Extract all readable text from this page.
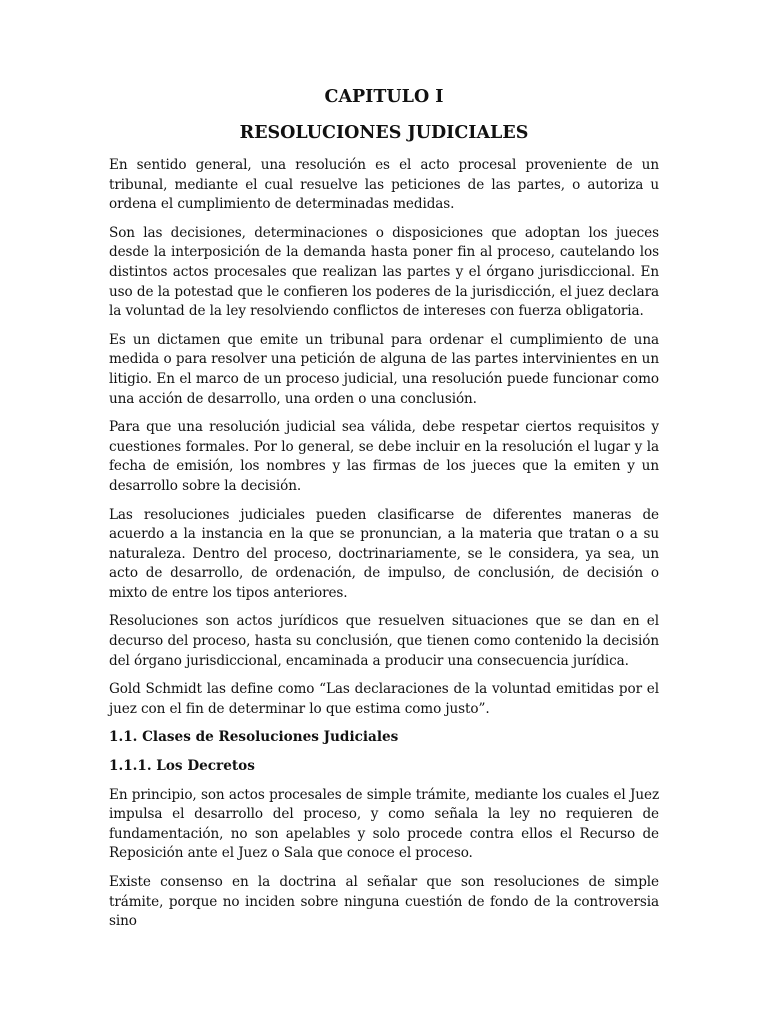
CAPITULO I
RESOLUCIONES JUDICIALES

En sentido general, una resolución es el acto procesal proveniente de un tribunal, mediante el cual resuelve las peticiones de las partes, o autoriza u ordena el cumplimiento de determinadas medidas.

Son las decisiones, determinaciones o disposiciones que adoptan los jueces desde la interposición de la demanda hasta poner fin al proceso, cautelando los distintos actos procesales que realizan las partes y el órgano jurisdiccional. En uso de la potestad que le confieren los poderes de la jurisdicción, el juez declara la voluntad de la ley resolviendo conflictos de intereses con fuerza obligatoria.

Es un dictamen que emite un tribunal para ordenar el cumplimiento de una medida o para resolver una petición de alguna de las partes intervinientes en un litigio. En el marco de un proceso judicial, una resolución puede funcionar como una acción de desarrollo, una orden o una conclusión.

Para que una resolución judicial sea válida, debe respetar ciertos requisitos y cuestiones formales. Por lo general, se debe incluir en la resolución el lugar y la fecha de emisión, los nombres y las firmas de los jueces que la emiten y un desarrollo sobre la decisión.

Las resoluciones judiciales pueden clasificarse de diferentes maneras de acuerdo a la instancia en la que se pronuncian, a la materia que tratan o a su naturaleza. Dentro del proceso, doctrinariamente, se le considera, ya sea, un acto de desarrollo, de ordenación, de impulso, de conclusión, de decisión o mixto de entre los tipos anteriores.

Resoluciones son actos jurídicos que resuelven situaciones que se dan en el decurso del proceso, hasta su conclusión, que tienen como contenido la decisión del órgano jurisdiccional, encaminada a producir una consecuencia jurídica.

Gold Schmidt las define como “Las declaraciones de la voluntad emitidas por el juez con el fin de determinar lo que estima como justo”.

1.1. Clases de Resoluciones Judiciales
1.1.1. Los Decretos

En principio, son actos procesales de simple trámite, mediante los cuales el Juez impulsa el desarrollo del proceso, y como señala la ley no requieren de fundamentación, no son apelables y solo procede contra ellos el Recurso de Reposición ante el Juez o Sala que conoce el proceso.

Existe consenso en la doctrina al señalar que son resoluciones de simple trámite, porque no inciden sobre ninguna cuestión de fondo de la controversia sino
